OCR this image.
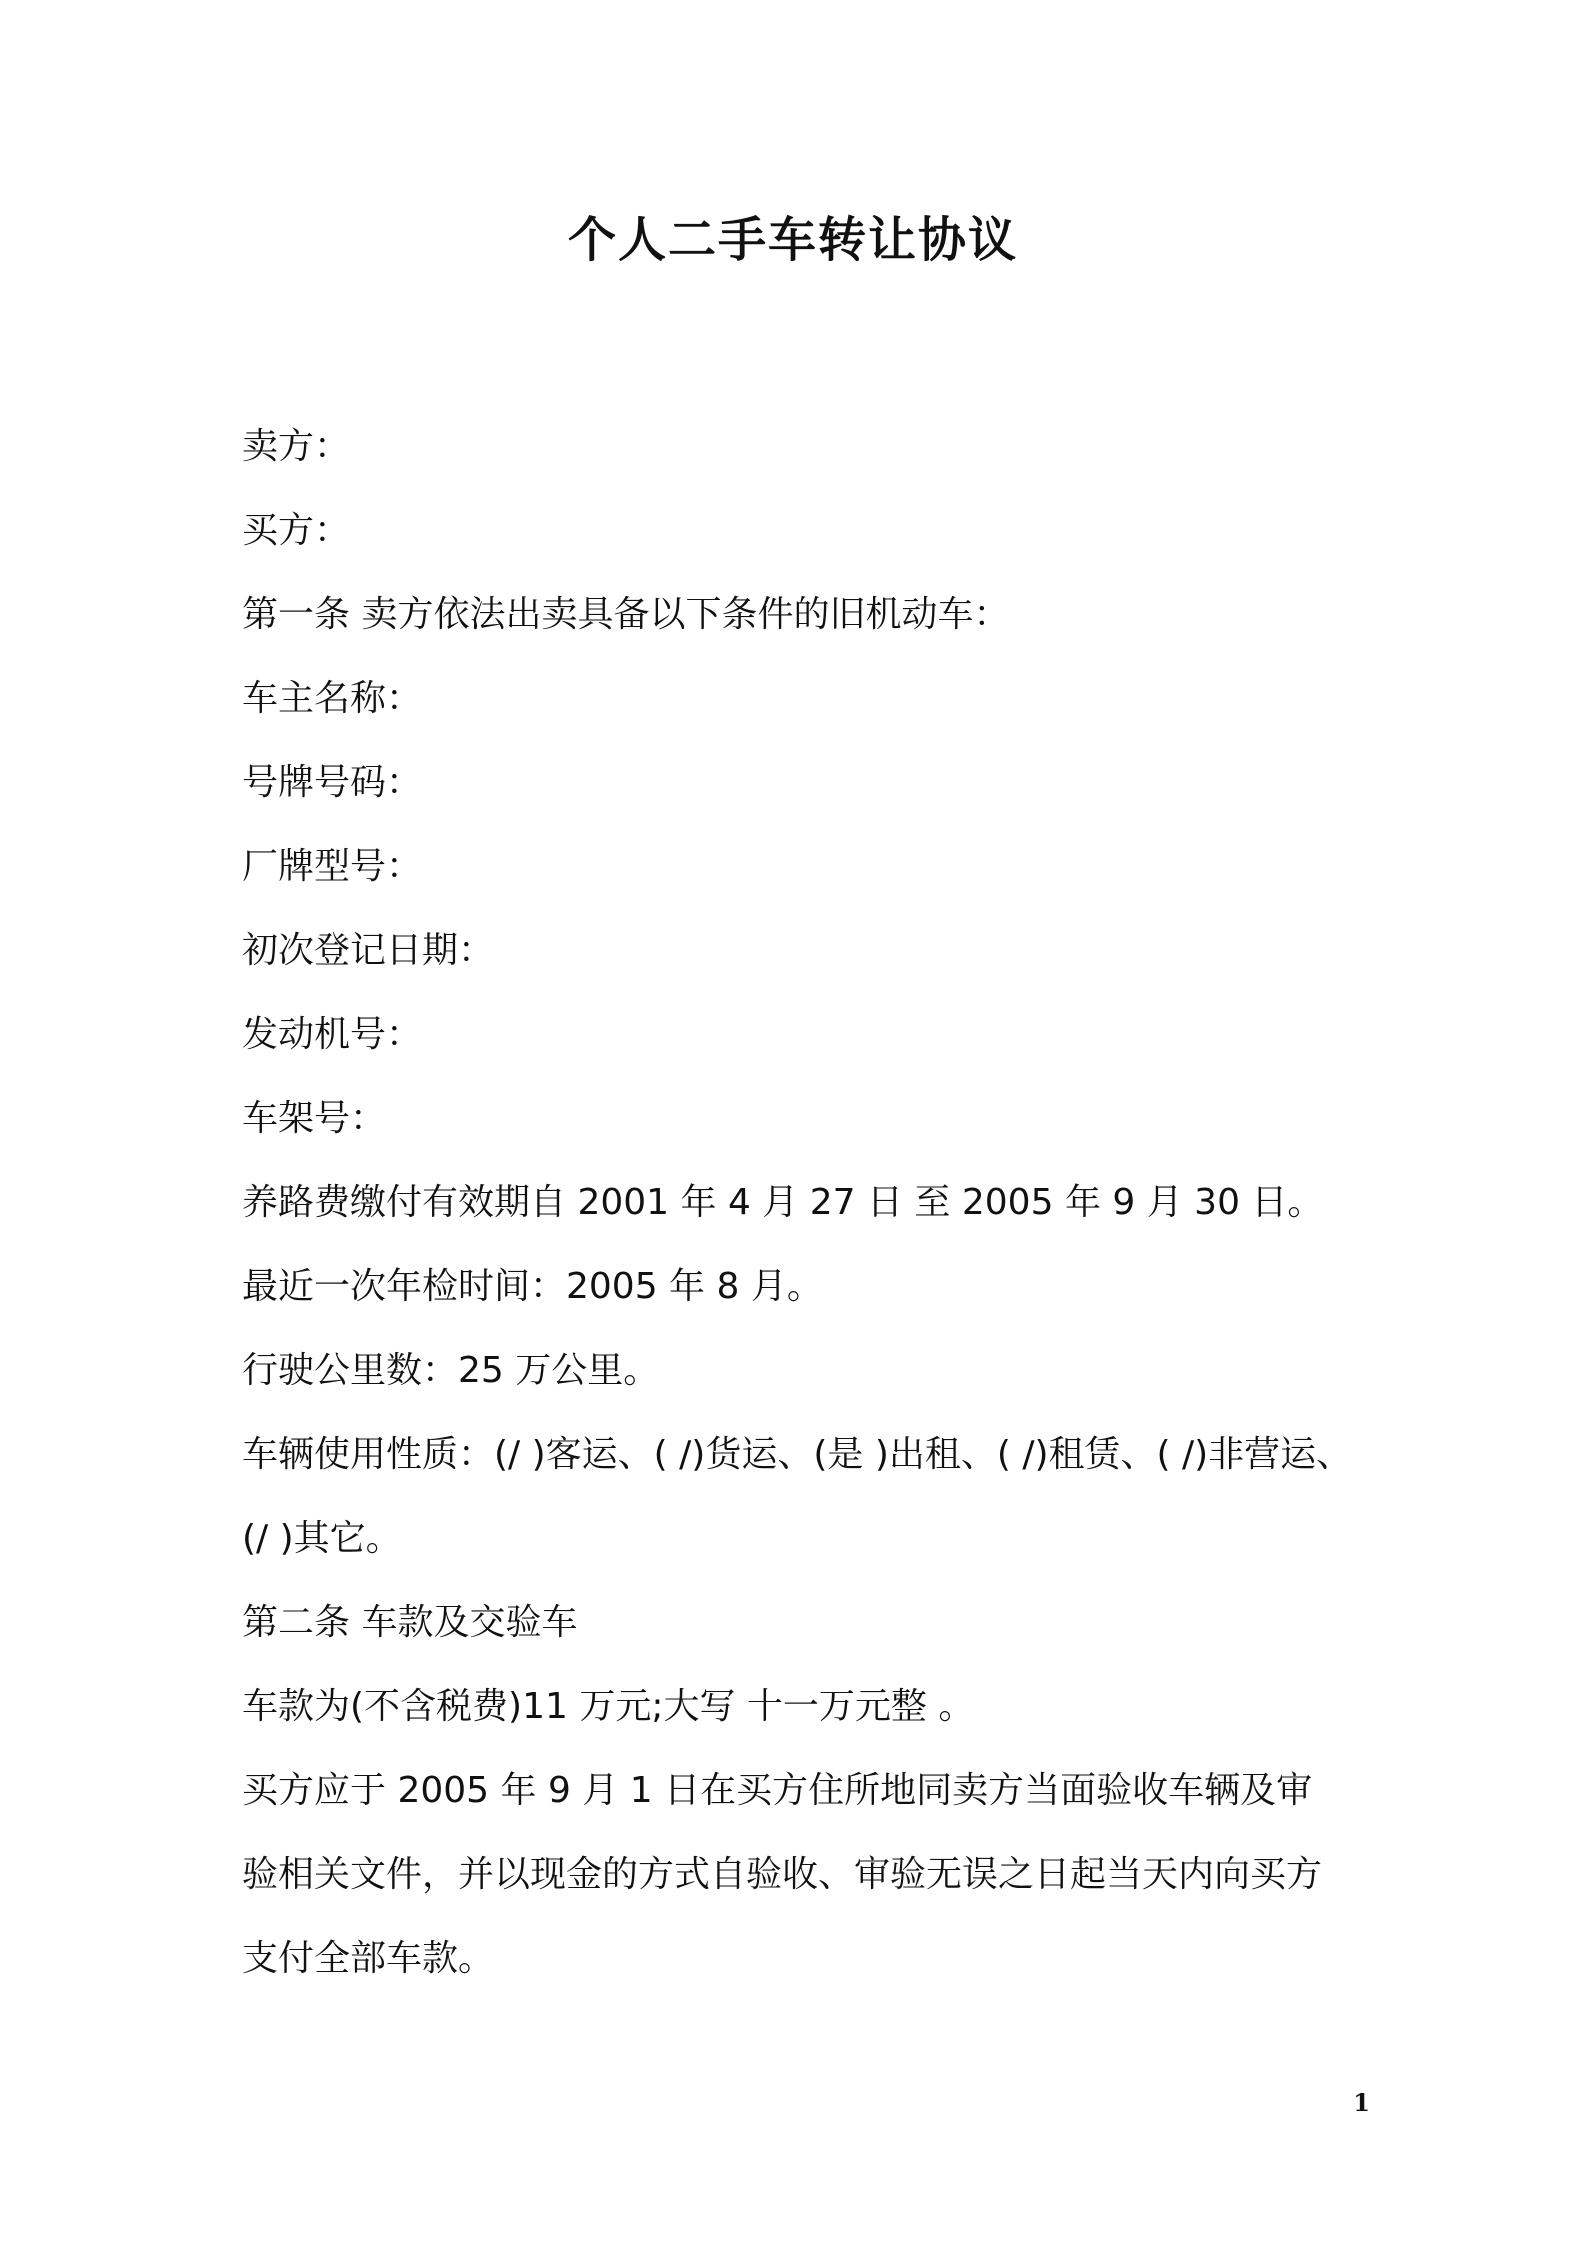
个人二手车转让协议

卖方：

买方：

第一条 卖方依法出卖具备以下条件的旧机动车：

车主名称：

号牌号码：

厂牌型号：

初次登记日期：

发动机号：

车架号：

养路费缴付有效期自 2001 年 4 月 27 日 至 2005 年 9 月 30 日。

最近一次年检时间：2005 年 8 月。

行驶公里数：25 万公里。

车辆使用性质：(/ )客运、( /)货运、(是 )出租、( /)租赁、( /)非营运、

(/ )其它。

第二条 车款及交验车

车款为(不含税费)11 万元;大写 十一万元整 。

买方应于 2005 年 9 月 1 日在买方住所地同卖方当面验收车辆及审

验相关文件，并以现金的方式自验收、审验无误之日起当天内向买方

支付全部车款。

1
